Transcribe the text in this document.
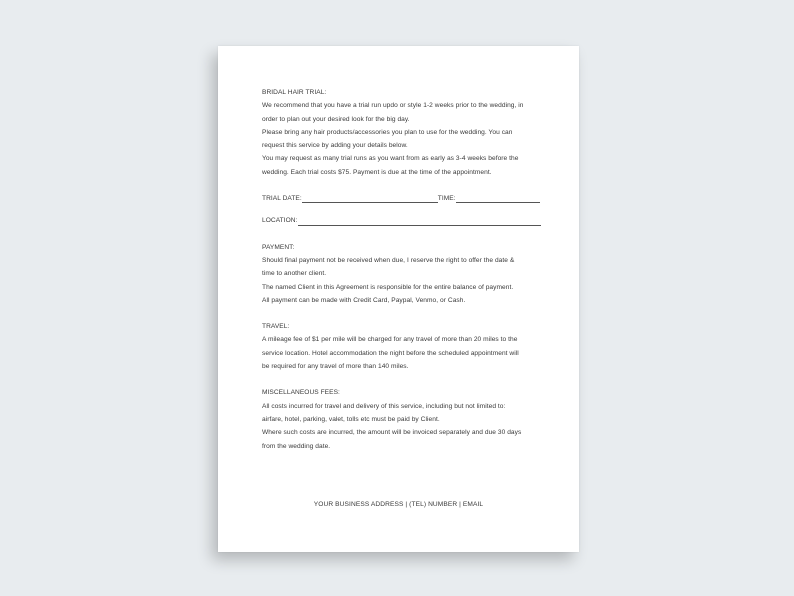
BRIDAL HAIR TRIAL:

We recommend that you have a trial run updo or style 1-2 weeks prior to the wedding, in

order to plan out your desired look for the big day.

Please bring any hair products/accessories you plan to use for the wedding. You can

request this service by adding your details below.

You may request as many trial runs as you want from as early as 3-4 weeks before the

wedding. Each trial costs $75. Payment is due at the time of the appointment.

TRIAL DATE:	TIME:
LOCATION:

PAYMENT:

Should final payment not be received when due, I reserve the right to offer the date &

time to another client.

The named Client in this Agreement is responsible for the entire balance of payment.

All payment can be made with Credit Card, Paypal, Venmo, or Cash.

TRAVEL:

A mileage fee of $1 per mile will be charged for any travel of more than 20 miles to the

service location. Hotel accommodation the night before the scheduled appointment will

be required for any travel of more than 140 miles.

MISCELLANEOUS FEES:

All costs incurred for travel and delivery of this service, including but not limited to:

airfare, hotel, parking, valet, tolls etc must be paid by Client.

Where such costs are incurred, the amount will be invoiced separately and due 30 days

from the wedding date.

YOUR BUSINESS ADDRESS | (TEL) NUMBER | EMAIL
